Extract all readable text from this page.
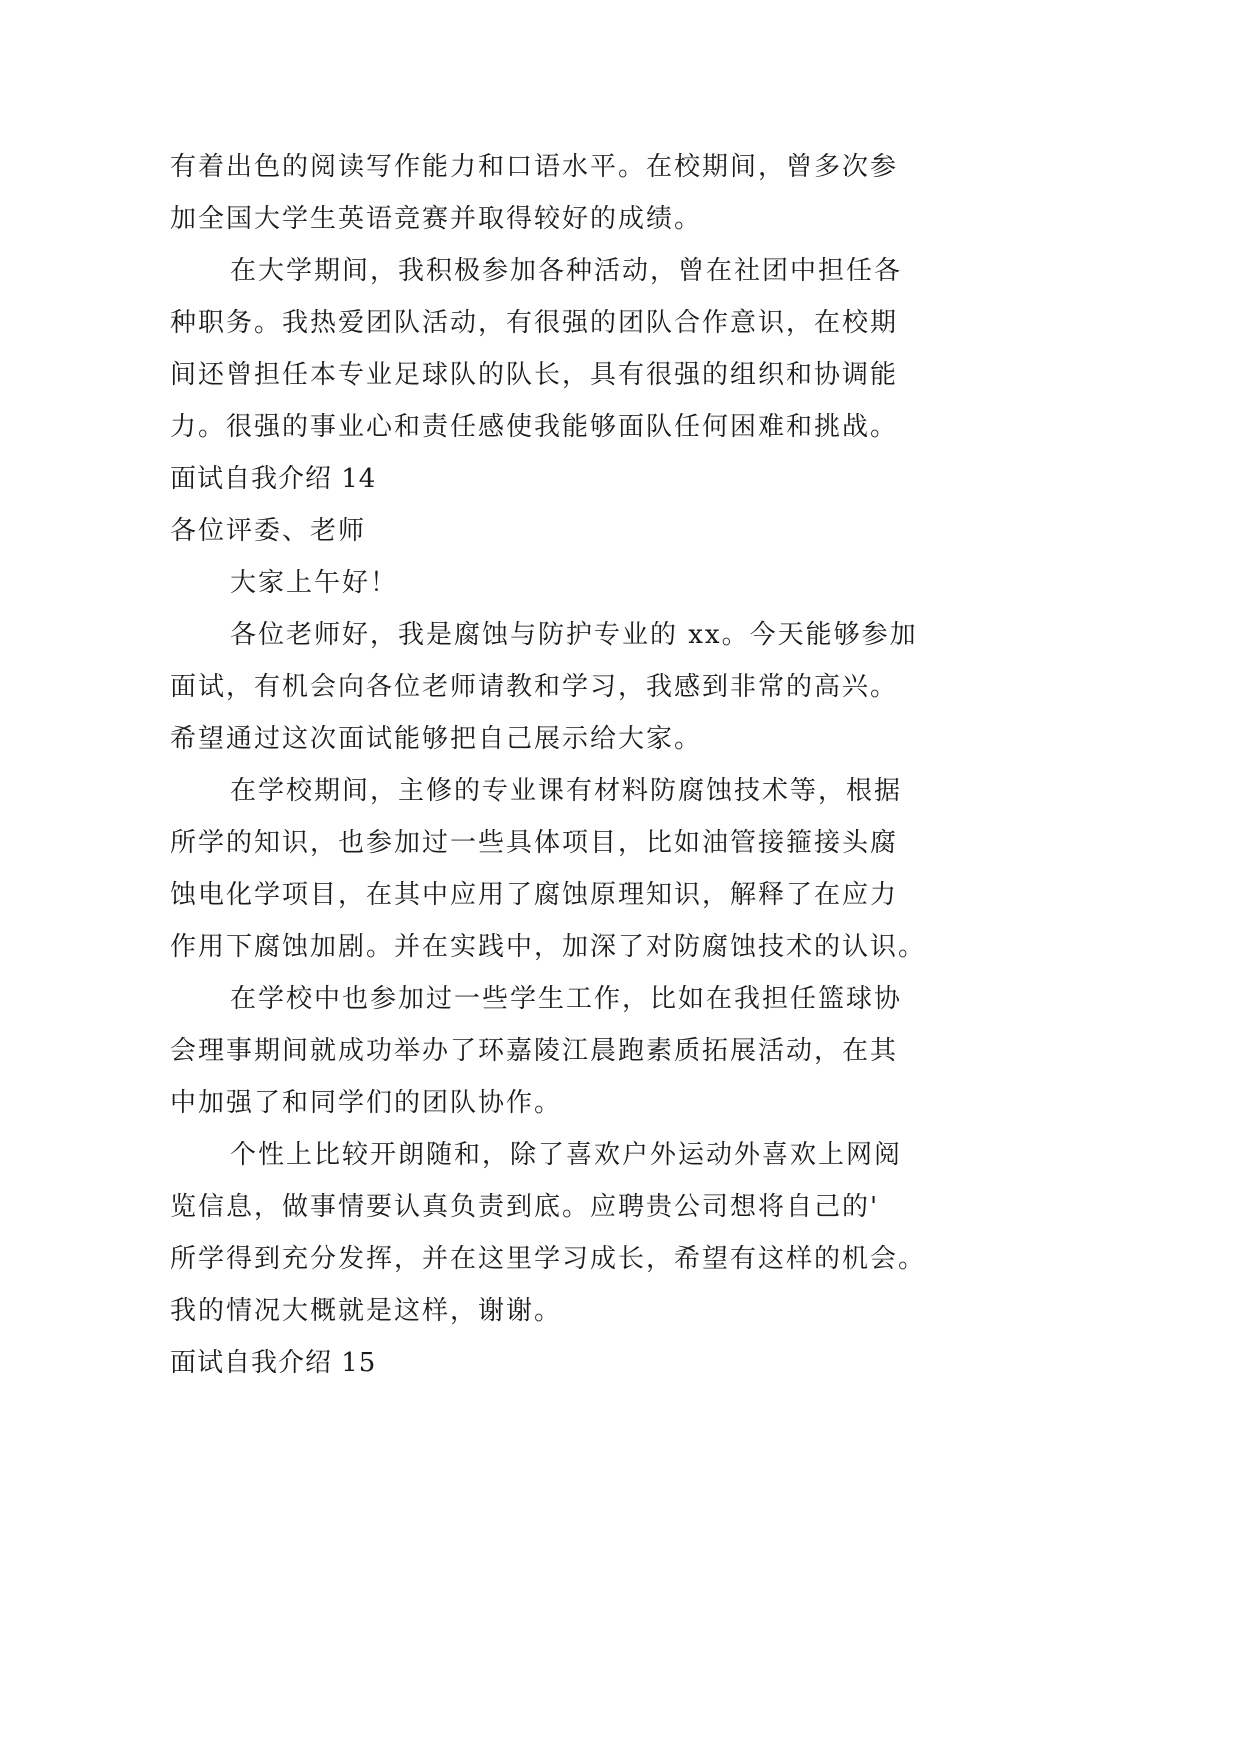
有着出色的阅读写作能力和口语水平。在校期间，曾多次参
加全国大学生英语竞赛并取得较好的成绩。
在大学期间，我积极参加各种活动，曾在社团中担任各
种职务。我热爱团队活动，有很强的团队合作意识，在校期
间还曾担任本专业足球队的队长，具有很强的组织和协调能
力。很强的事业心和责任感使我能够面队任何困难和挑战。
面试自我介绍 14
各位评委、老师
大家上午好！
各位老师好，我是腐蚀与防护专业的 xx。今天能够参加
面试，有机会向各位老师请教和学习，我感到非常的高兴。
希望通过这次面试能够把自己展示给大家。
在学校期间，主修的专业课有材料防腐蚀技术等，根据
所学的知识，也参加过一些具体项目，比如油管接箍接头腐
蚀电化学项目，在其中应用了腐蚀原理知识，解释了在应力
作用下腐蚀加剧。并在实践中，加深了对防腐蚀技术的认识。
在学校中也参加过一些学生工作，比如在我担任篮球协
会理事期间就成功举办了环嘉陵江晨跑素质拓展活动，在其
中加强了和同学们的团队协作。
个性上比较开朗随和，除了喜欢户外运动外喜欢上网阅
览信息，做事情要认真负责到底。应聘贵公司想将自己的'
所学得到充分发挥，并在这里学习成长，希望有这样的机会。
我的情况大概就是这样，谢谢。
面试自我介绍 15
